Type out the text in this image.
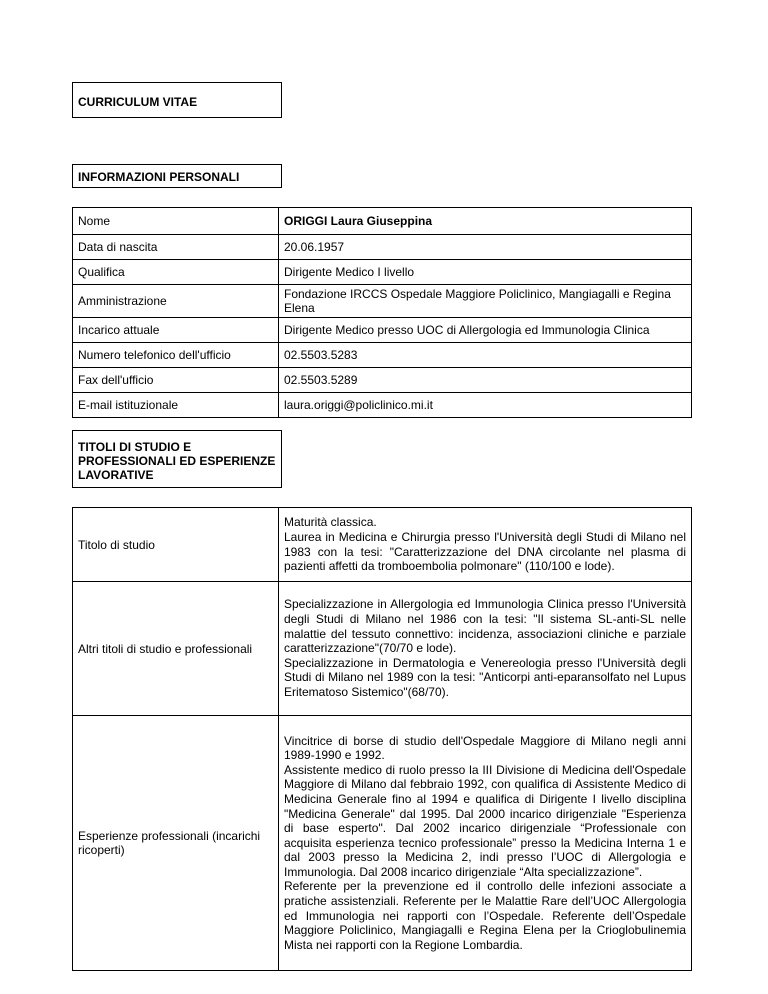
CURRICULUM VITAE
INFORMAZIONI PERSONALI
Nome	ORIGGI Laura Giuseppina
Data di nascita	20.06.1957
Qualifica	Dirigente Medico I livello
Amministrazione	Fondazione IRCCS Ospedale Maggiore Policlinico, Mangiagalli e Regina Elena
Incarico attuale	Dirigente Medico presso UOC di Allergologia ed Immunologia Clinica
Numero telefonico dell'ufficio	02.5503.5283
Fax dell'ufficio	02.5503.5289
E-mail istituzionale	laura.origgi@policlinico.mi.it
TITOLI DI STUDIO E PROFESSIONALI ED ESPERIENZE LAVORATIVE
Titolo di studio	Maturità classica.

Laurea in Medicina e Chirurgia presso l'Università degli Studi di Milano nel 1983 con la tesi: "Caratterizzazione del DNA circolante nel plasma di pazienti affetti da tromboembolia polmonare" (110/100 e lode).

Altri titoli di studio e professionali	Specializzazione in Allergologia ed Immunologia Clinica presso l'Università degli Studi di Milano nel 1986 con la tesi: "Il sistema SL-anti-SL nelle malattie del tessuto connettivo: incidenza, associazioni cliniche e parziale caratterizzazione"(70/70 e lode).

Specializzazione in Dermatologia e Venereologia presso l'Università degli Studi di Milano nel 1989 con la tesi: "Anticorpi anti-eparansolfato nel Lupus Eritematoso Sistemico"(68/70).

Esperienze professionali (incarichi ricoperti)	Vincitrice di borse di studio dell'Ospedale Maggiore di Milano negli anni 1989-1990 e 1992.

Assistente medico di ruolo presso la III Divisione di Medicina dell'Ospedale Maggiore di Milano dal febbraio 1992, con qualifica di Assistente Medico di Medicina Generale fino al 1994 e qualifica di Dirigente I livello disciplina "Medicina Generale" dal 1995. Dal 2000 incarico dirigenziale "Esperienza di base esperto". Dal 2002 incarico dirigenziale “Professionale con acquisita esperienza tecnico professionale” presso la Medicina Interna 1 e dal 2003 presso la Medicina 2, indi presso l’UOC di Allergologia e Immunologia. Dal 2008 incarico dirigenziale “Alta specializzazione”.

Referente per la prevenzione ed il controllo delle infezioni associate a pratiche assistenziali. Referente per le Malattie Rare dell’UOC Allergologia ed Immunologia nei rapporti con l’Ospedale. Referente dell’Ospedale Maggiore Policlinico, Mangiagalli e Regina Elena per la Crioglobulinemia Mista nei rapporti con la Regione Lombardia.
